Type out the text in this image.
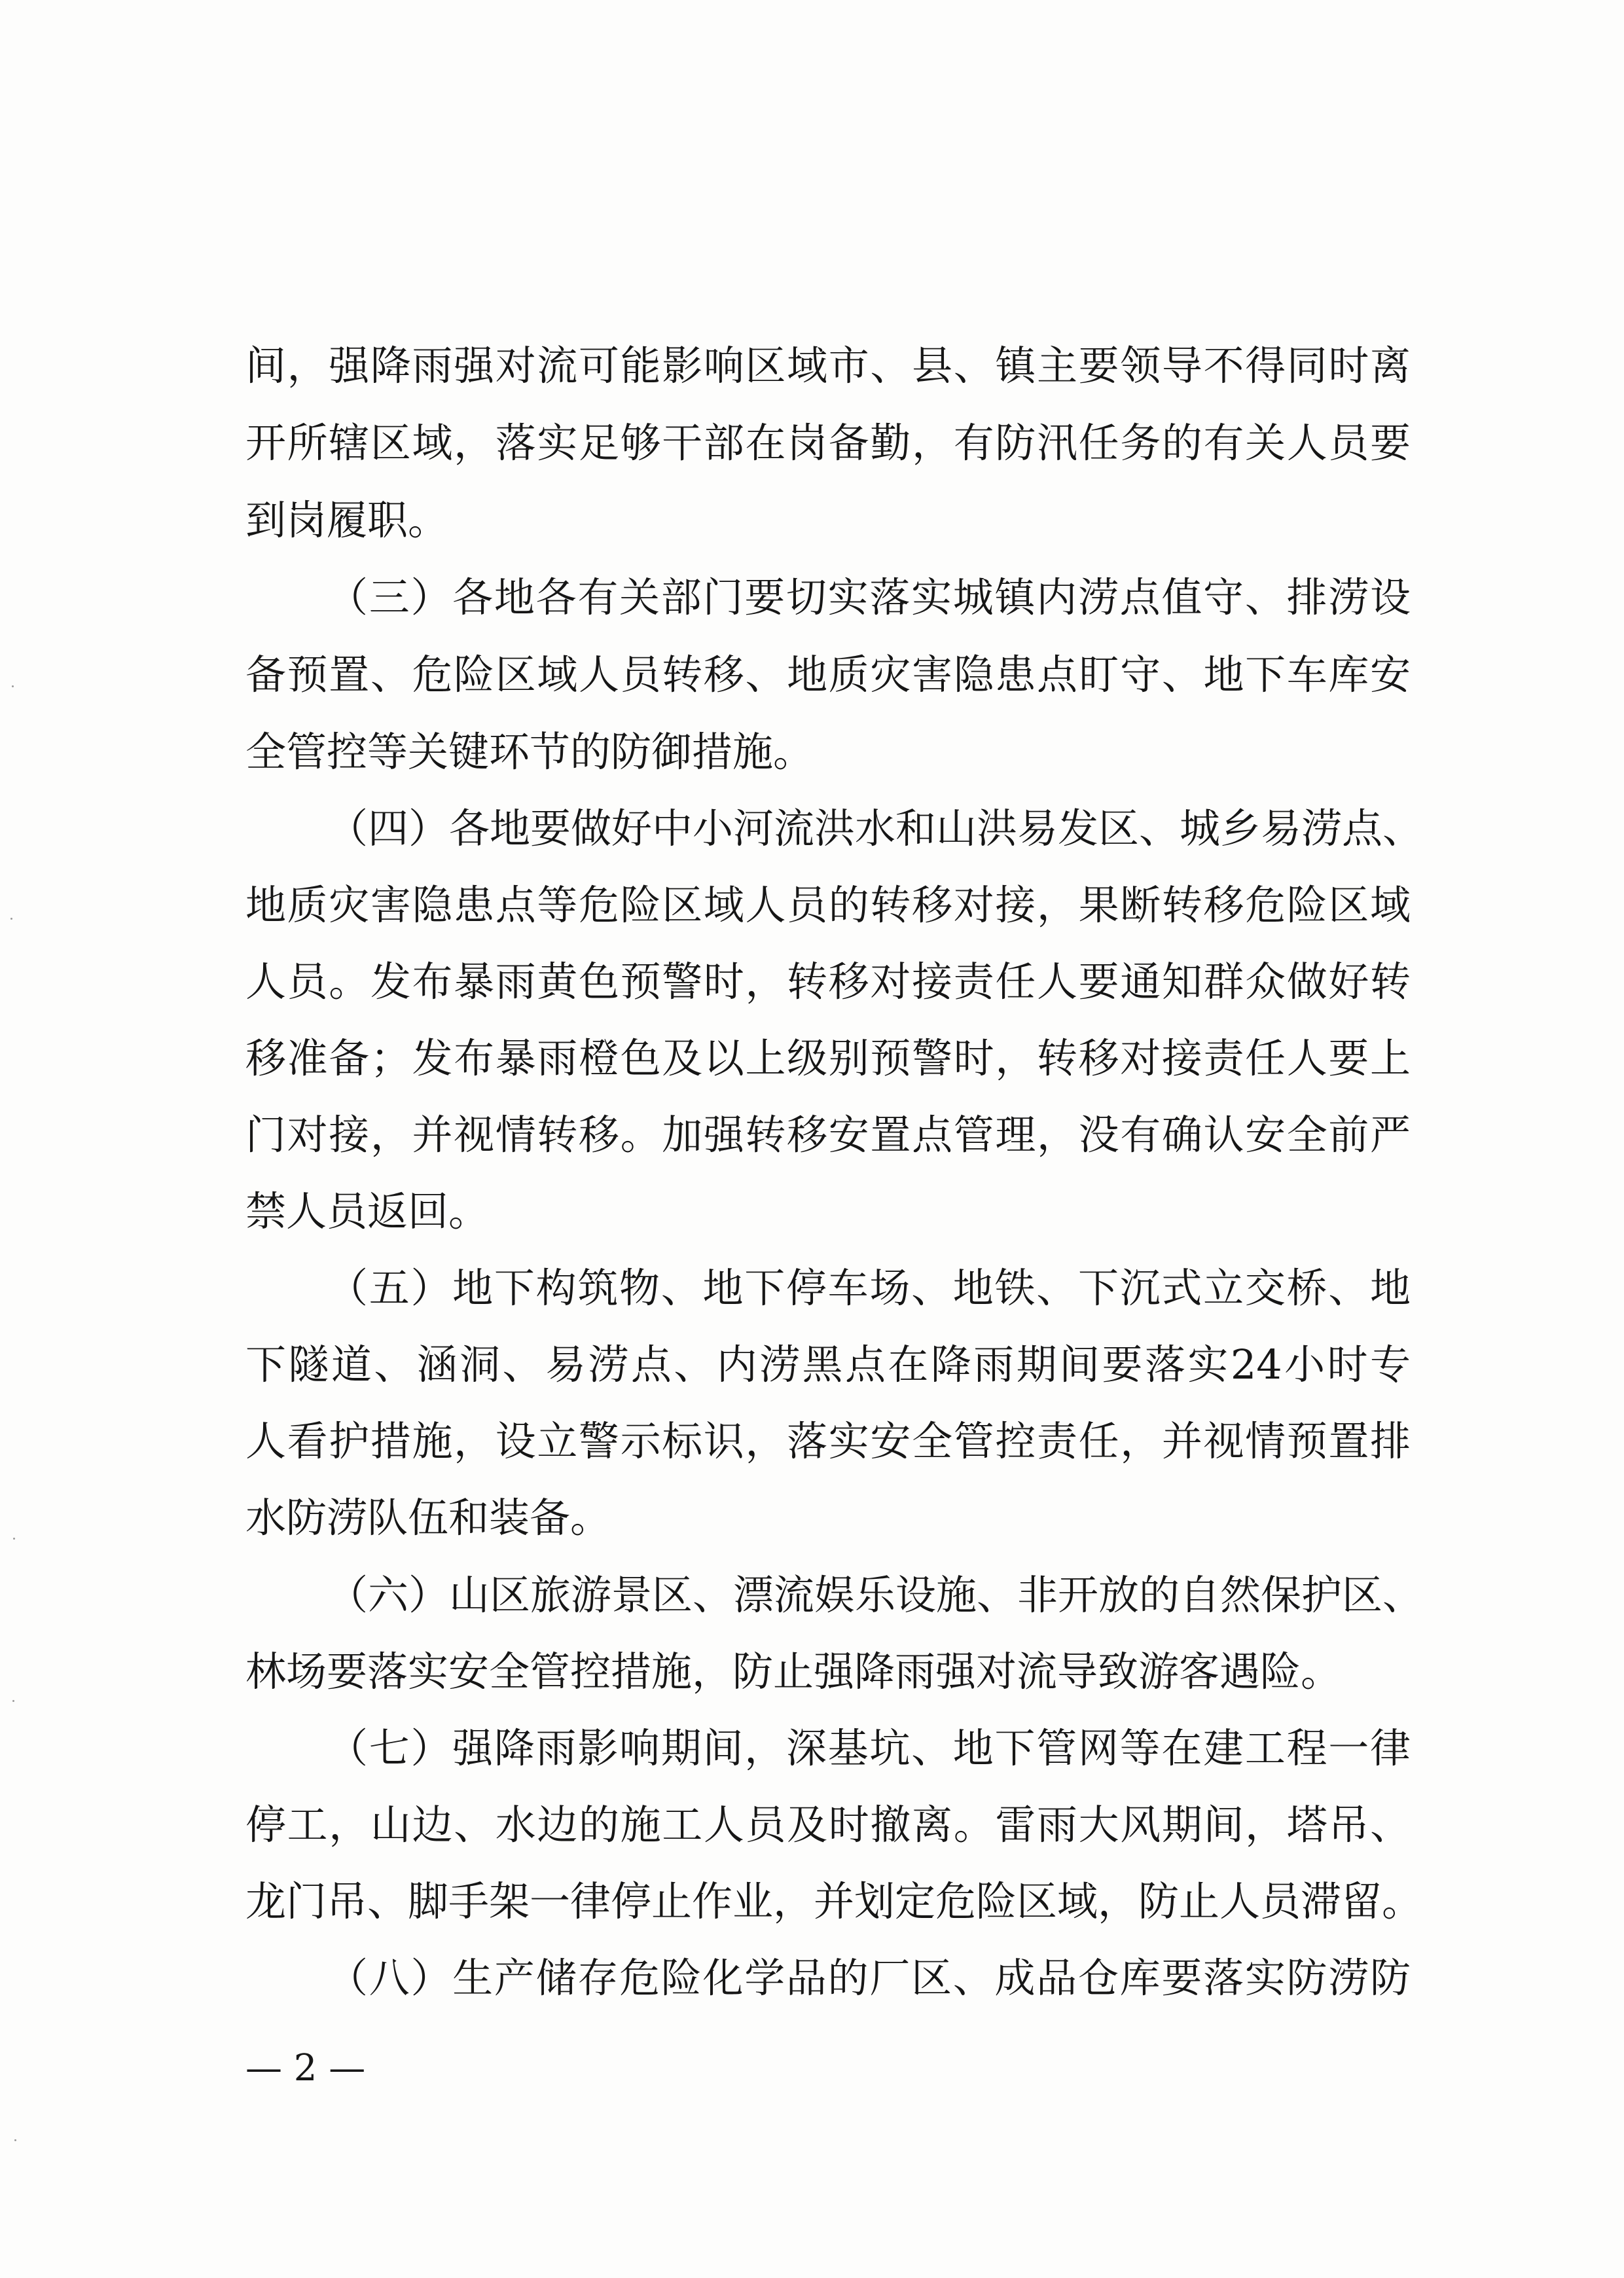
间，强降雨强对流可能影响区域市、县、镇主要领导不得同时离

开所辖区域，落实足够干部在岗备勤，有防汛任务的有关人员要

到岗履职。

（三）各地各有关部门要切实落实城镇内涝点值守、排涝设

备预置、危险区域人员转移、地质灾害隐患点盯守、地下车库安

全管控等关键环节的防御措施。

（四）各地要做好中小河流洪水和山洪易发区、城乡易涝点、

地质灾害隐患点等危险区域人员的转移对接，果断转移危险区域

人员。发布暴雨黄色预警时，转移对接责任人要通知群众做好转

移准备；发布暴雨橙色及以上级别预警时，转移对接责任人要上

门对接，并视情转移。加强转移安置点管理，没有确认安全前严

禁人员返回。

（五）地下构筑物、地下停车场、地铁、下沉式立交桥、地

下隧道、涵洞、易涝点、内涝黑点在降雨期间要落实24小时专

人看护措施，设立警示标识，落实安全管控责任，并视情预置排

水防涝队伍和装备。

（六）山区旅游景区、漂流娱乐设施、非开放的自然保护区、

林场要落实安全管控措施，防止强降雨强对流导致游客遇险。

（七）强降雨影响期间，深基坑、地下管网等在建工程一律

停工，山边、水边的施工人员及时撤离。雷雨大风期间，塔吊、

龙门吊、脚手架一律停止作业，并划定危险区域，防止人员滞留。

（八）生产储存危险化学品的厂区、成品仓库要落实防涝防

— 2 —
